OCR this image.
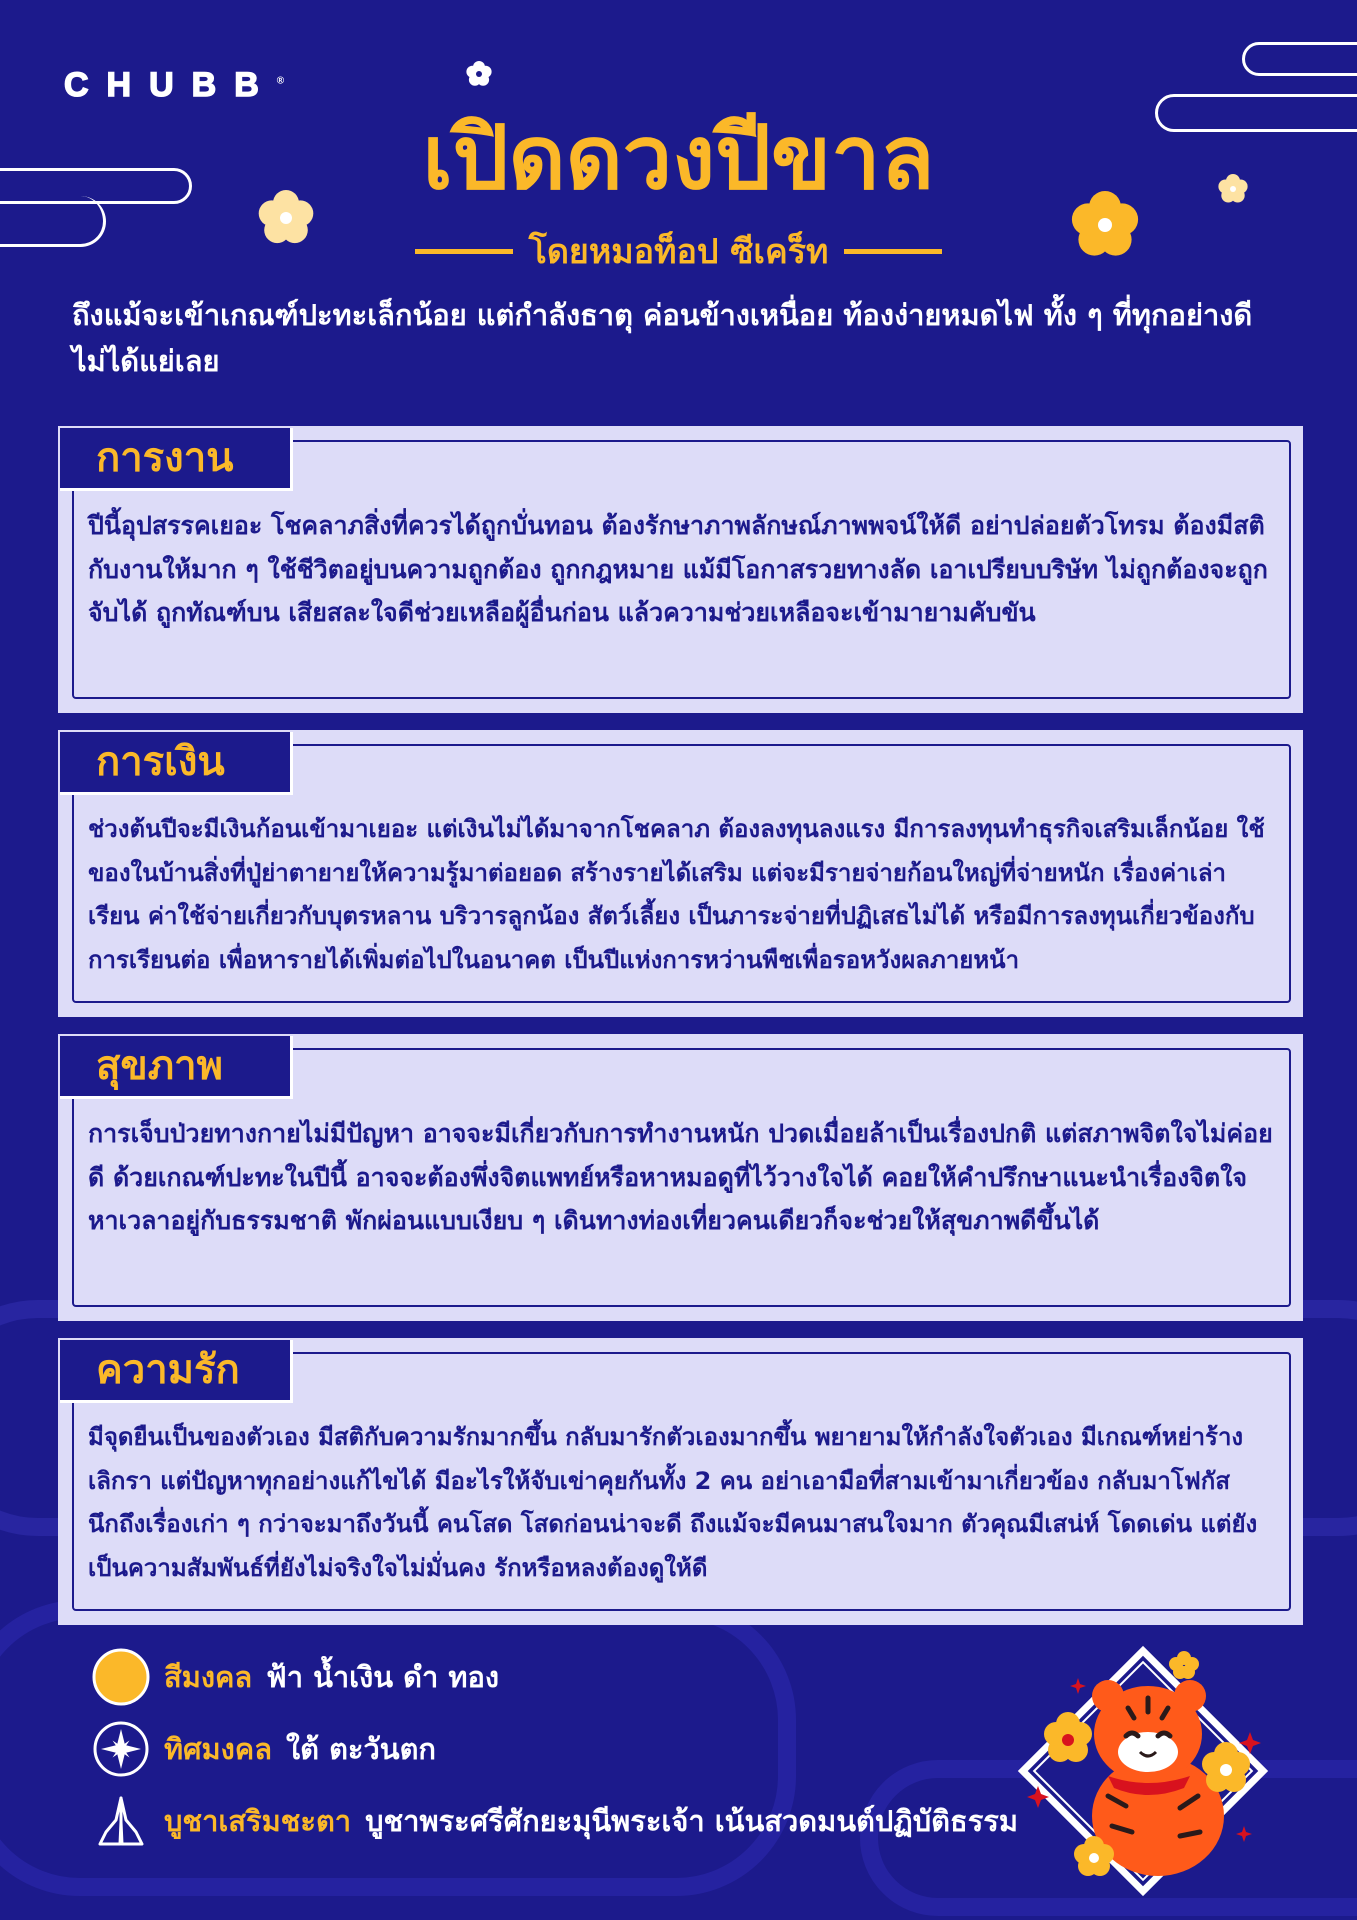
CHUBB®
เปิดดวงปีขาล
โดยหมอท็อป ซีเคร็ท
ถึงแม้จะเข้าเกณฑ์ปะทะเล็กน้อย แต่กำลังธาตุ ค่อนข้างเหนื่อย ท้องง่ายหมดไฟ ทั้ง ๆ ที่ทุกอย่างดี ไม่ได้แย่เลย
การงาน
ปีนี้อุปสรรคเยอะ โชคลาภสิ่งที่ควรได้ถูกบั่นทอน ต้องรักษาภาพลักษณ์ภาพพจน์ให้ดี อย่าปล่อยตัวโทรม ต้องมีสติกับงานให้มาก ๆ ใช้ชีวิตอยู่บนความถูกต้อง ถูกกฎหมาย แม้มีโอกาสรวยทางลัด เอาเปรียบบริษัท ไม่ถูกต้องจะถูกจับได้ ถูกทัณฑ์บน เสียสละใจดีช่วยเหลือผู้อื่นก่อน แล้วความช่วยเหลือจะเข้ามายามคับขัน
การเงิน
ช่วงต้นปีจะมีเงินก้อนเข้ามาเยอะ แต่เงินไม่ได้มาจากโชคลาภ ต้องลงทุนลงแรง มีการลงทุนทำธุรกิจเสริมเล็กน้อย ใช้ของในบ้านสิ่งที่ปู่ย่าตายายให้ความรู้มาต่อยอด สร้างรายได้เสริม แต่จะมีรายจ่ายก้อนใหญ่ที่จ่ายหนัก เรื่องค่าเล่าเรียน ค่าใช้จ่ายเกี่ยวกับบุตรหลาน บริวารลูกน้อง สัตว์เลี้ยง เป็นภาระจ่ายที่ปฏิเสธไม่ได้ หรือมีการลงทุนเกี่ยวข้องกับการเรียนต่อ เพื่อหารายได้เพิ่มต่อไปในอนาคต เป็นปีแห่งการหว่านพืชเพื่อรอหวังผลภายหน้า
สุขภาพ
การเจ็บป่วยทางกายไม่มีปัญหา อาจจะมีเกี่ยวกับการทำงานหนัก ปวดเมื่อยล้าเป็นเรื่องปกติ แต่สภาพจิตใจไม่ค่อยดี ด้วยเกณฑ์ปะทะในปีนี้ อาจจะต้องพึ่งจิตแพทย์หรือหาหมอดูที่ไว้วางใจได้ คอยให้คำปรึกษาแนะนำเรื่องจิตใจ หาเวลาอยู่กับธรรมชาติ พักผ่อนแบบเงียบ ๆ เดินทางท่องเที่ยวคนเดียวก็จะช่วยให้สุขภาพดีขึ้นได้
ความรัก
มีจุดยืนเป็นของตัวเอง มีสติกับความรักมากขึ้น กลับมารักตัวเองมากขึ้น พยายามให้กำลังใจตัวเอง มีเกณฑ์หย่าร้างเลิกรา แต่ปัญหาทุกอย่างแก้ไขได้ มีอะไรให้จับเข่าคุยกันทั้ง 2 คน อย่าเอามือที่สามเข้ามาเกี่ยวข้อง กลับมาโฟกัสนึกถึงเรื่องเก่า ๆ กว่าจะมาถึงวันนี้ คนโสด โสดก่อนน่าจะดี ถึงแม้จะมีคนมาสนใจมาก ตัวคุณมีเสน่ห์ โดดเด่น แต่ยังเป็นความสัมพันธ์ที่ยังไม่จริงใจไม่มั่นคง รักหรือหลงต้องดูให้ดี
สีมงคล ฟ้า น้ำเงิน ดำ ทอง
ทิศมงคล ใต้ ตะวันตก
บูชาเสริมชะตา บูชาพระศรีศักยะมุนีพระเจ้า เน้นสวดมนต์ปฏิบัติธรรม
